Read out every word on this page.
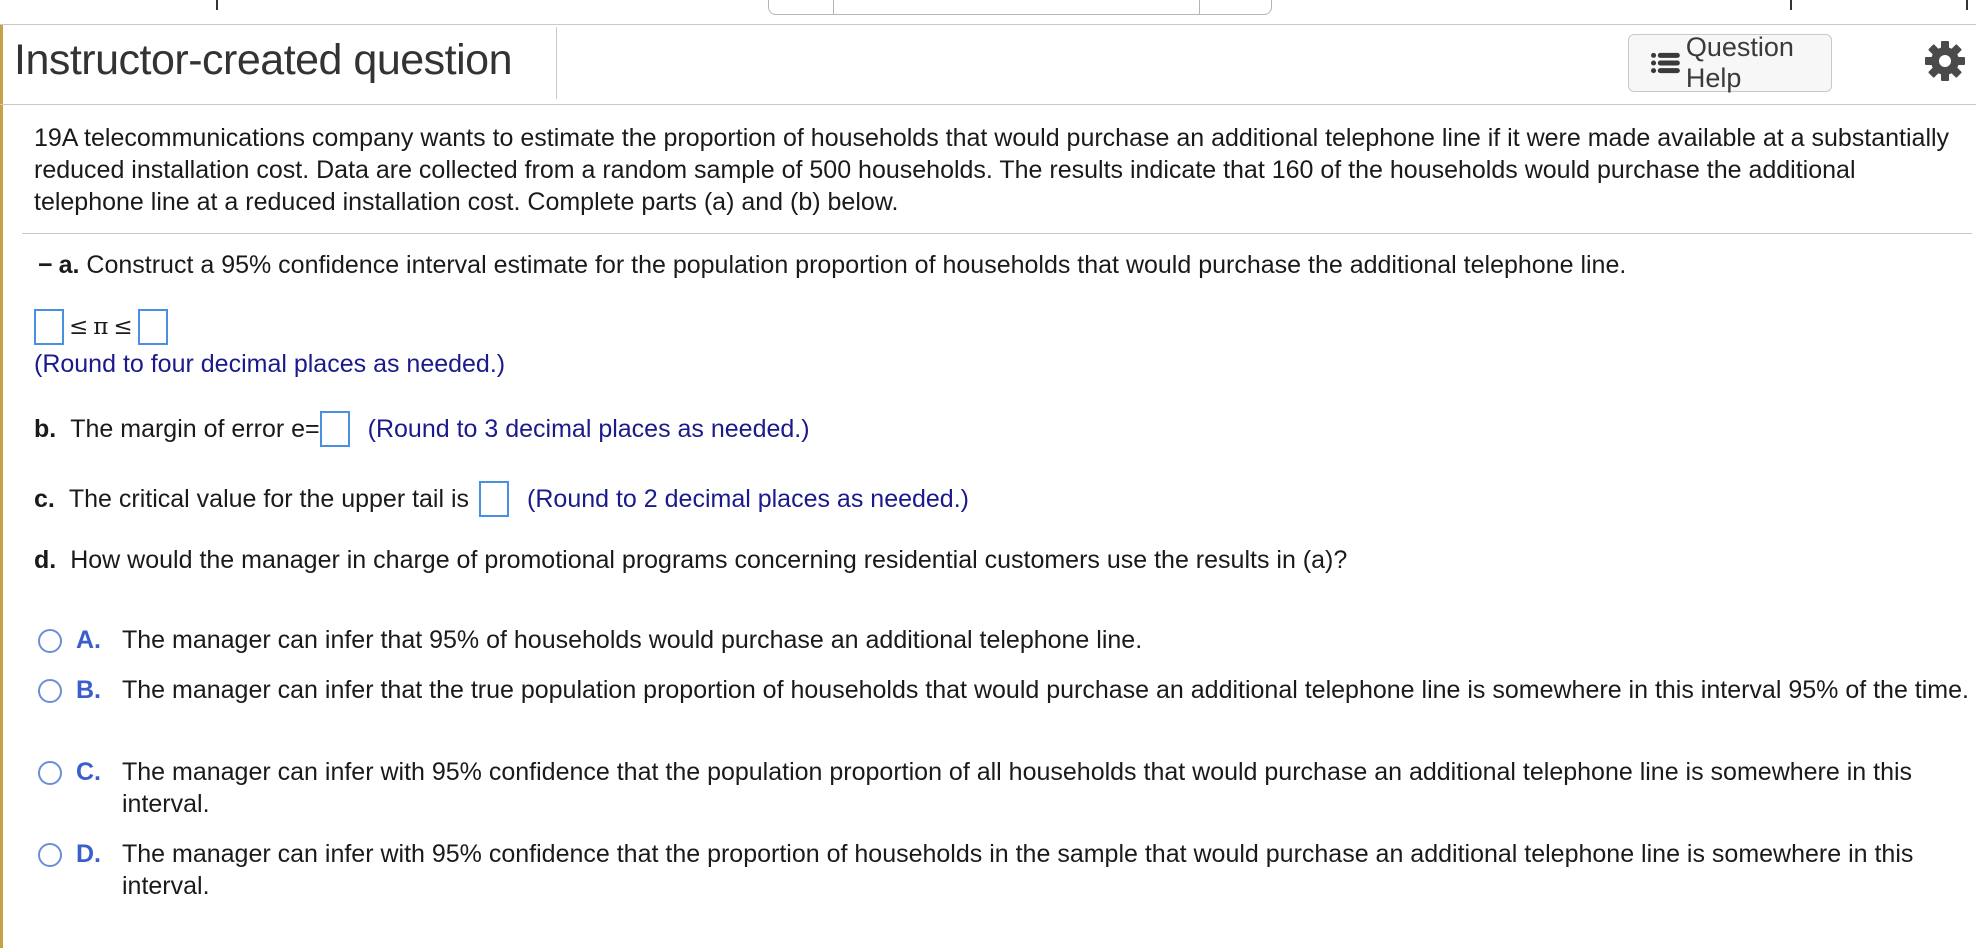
Instructor-created question	Question Help
19A telecommunications company wants to estimate the proportion of households that would purchase an additional telephone line if it were made available at a substantially reduced installation cost. Data are collected from a random sample of 500 households. The results indicate that 160 of the households would purchase the additional telephone line at a reduced installation cost. Complete parts (a) and (b) below.
− a. Construct a 95% confidence interval estimate for the population proportion of households that would purchase the additional telephone line.
≤ π ≤
(Round to four decimal places as needed.)
b. The margin of error e= (Round to 3 decimal places as needed.)
c. The critical value for the upper tail is (Round to 2 decimal places as needed.)
d. How would the manager in charge of promotional programs concerning residential customers use the results in (a)?
A. The manager can infer that 95% of households would purchase an additional telephone line.
B. The manager can infer that the true population proportion of households that would purchase an additional telephone line is somewhere in this interval 95% of the time.
C. The manager can infer with 95% confidence that the population proportion of all households that would purchase an additional telephone line is somewhere in this interval.
D. The manager can infer with 95% confidence that the proportion of households in the sample that would purchase an additional telephone line is somewhere in this interval.
